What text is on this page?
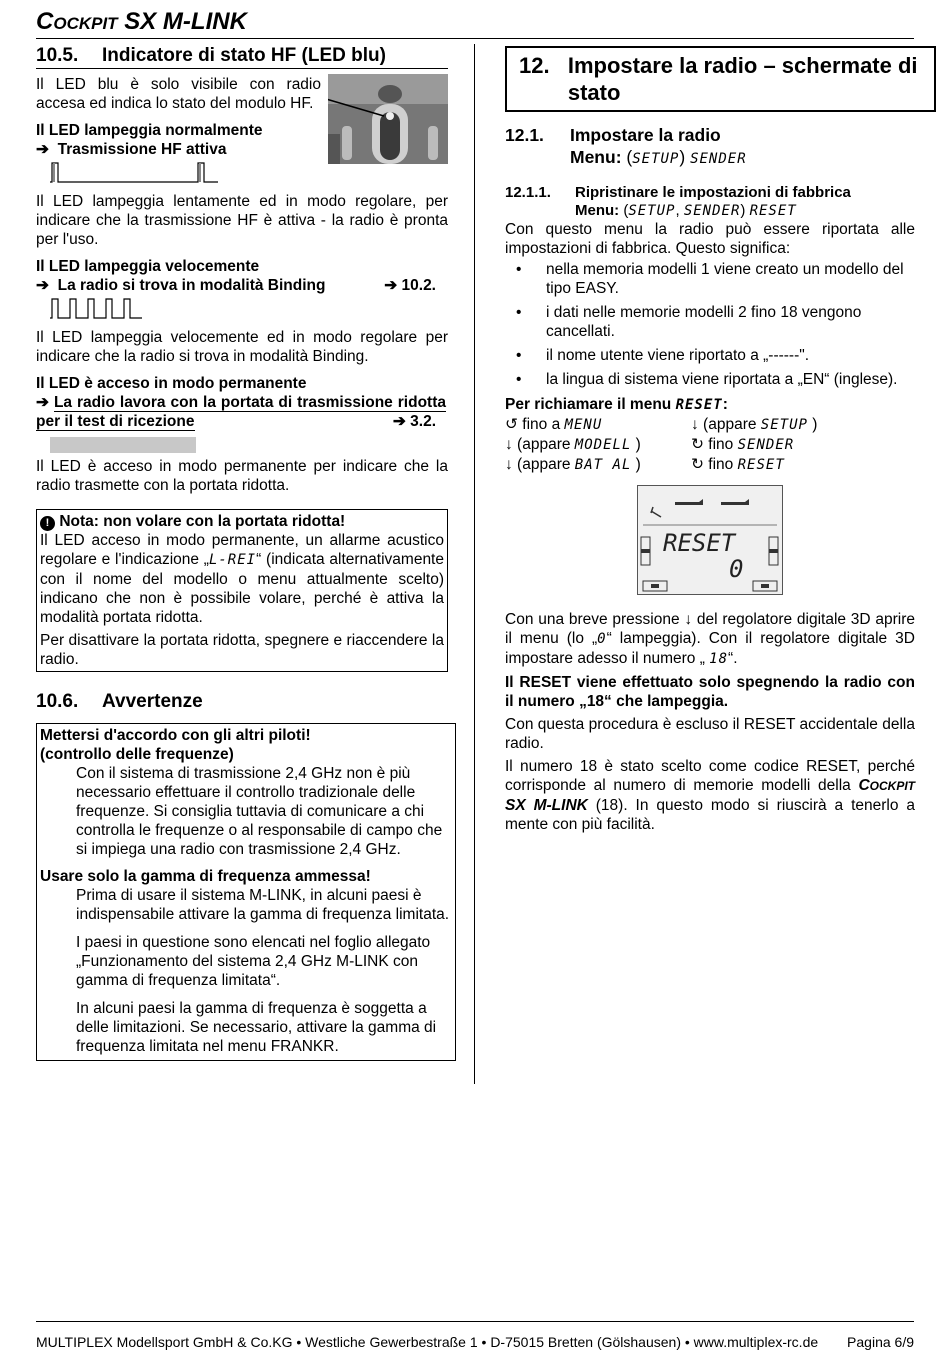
COCKPIT SX M-LINK
10.5. Indicatore di stato HF (LED blu)

Il LED blu è solo visibile con radio accesa ed indica lo stato del modulo HF.

Il LED lampeggia normalmente

➔ Trasmissione HF attiva

Il LED lampeggia lentamente ed in modo regolare, per indicare che la trasmissione HF è attiva - la radio è pronta per l'uso.

Il LED lampeggia velocemente

➔ La radio si trova in modalità Binding	➔ 10.2.

Il LED lampeggia velocemente ed in modo regolare per indicare che la radio si trova in modalità Binding.

Il LED è acceso in modo permanente

➔ La radio lavora con la portata di trasmissione ridotta per il test di ricezione	➔ 3.2.

Il LED è acceso in modo permanente per indicare che la radio trasmette con la portata ridotta.

! Nota: non volare con la portata ridotta!

Il LED acceso in modo permanente, un allarme acustico regolare e l'indicazione „L-REI“ (indicata alternativamente con il nome del modello o menu attualmente scelto) indicano che non è possibile volare, perché è attiva la modalità portata ridotta.

Per disattivare la portata ridotta, spegnere e riaccendere la radio.

10.6. Avvertenze

Mettersi d'accordo con gli altri piloti!

(controllo delle frequenze)

Con il sistema di trasmissione 2,4 GHz non è più necessario effettuare il controllo tradizionale delle frequenze. Si consiglia tuttavia di comunicare a chi controlla le frequenze o al responsabile di campo che si impiega una radio con trasmissione 2,4 GHz.

Usare solo la gamma di frequenza ammessa!

Prima di usare il sistema M-LINK, in alcuni paesi è indispensabile attivare la gamma di frequenza limitata.

I paesi in questione sono elencati nel foglio allegato „Funzionamento del sistema 2,4 GHz M-LINK con gamma di frequenza limitata“.

In alcuni paesi la gamma di frequenza è soggetta a delle limitazioni. Se necessario, attivare la gamma di frequenza limitata nel menu FRANKR.

12. Impostare la radio – schermate di stato
12.1. Impostare la radio
Menu: (SETUP) SENDER
12.1.1. Ripristinare le impostazioni di fabbrica
Menu: (SETUP, SENDER) RESET

Con questo menu la radio può essere riportata alle impostazioni di fabbrica. Questo significa:

• nella memoria modelli 1 viene creato un modello del tipo EASY.
• i dati nelle memorie modelli 2 fino 18 vengono cancellati.
• il nome utente viene riportato a „------".
• la lingua di sistema viene riportata a „EN“ (inglese).

Per richiamare il menu RESET:

↺ fino a MENU	↓ (appare SETUP )
↓ (appare MODELL )	↻ fino SENDER
↓ (appare BAT AL )	↻ fino RESET
RESET
0

Con una breve pressione ↓ del regolatore digitale 3D aprire il menu (lo „0“ lampeggia). Con il regolatore digitale 3D impostare adesso il numero „ 18“.

Il RESET viene effettuato solo spegnendo la radio con il numero „18“ che lampeggia.

Con questa procedura è escluso il RESET accidentale della radio.

Il numero 18 è stato scelto come codice RESET, perché corrisponde al numero di memorie modelli della COCKPIT SX M-LINK (18). In questo modo si riuscirà a tenerlo a mente con più facilità.

MULTIPLEX Modellsport GmbH & Co.KG • Westliche Gewerbestraße 1 • D-75015 Bretten (Gölshausen) • www.multiplex-rc.de Pagina 6/9
